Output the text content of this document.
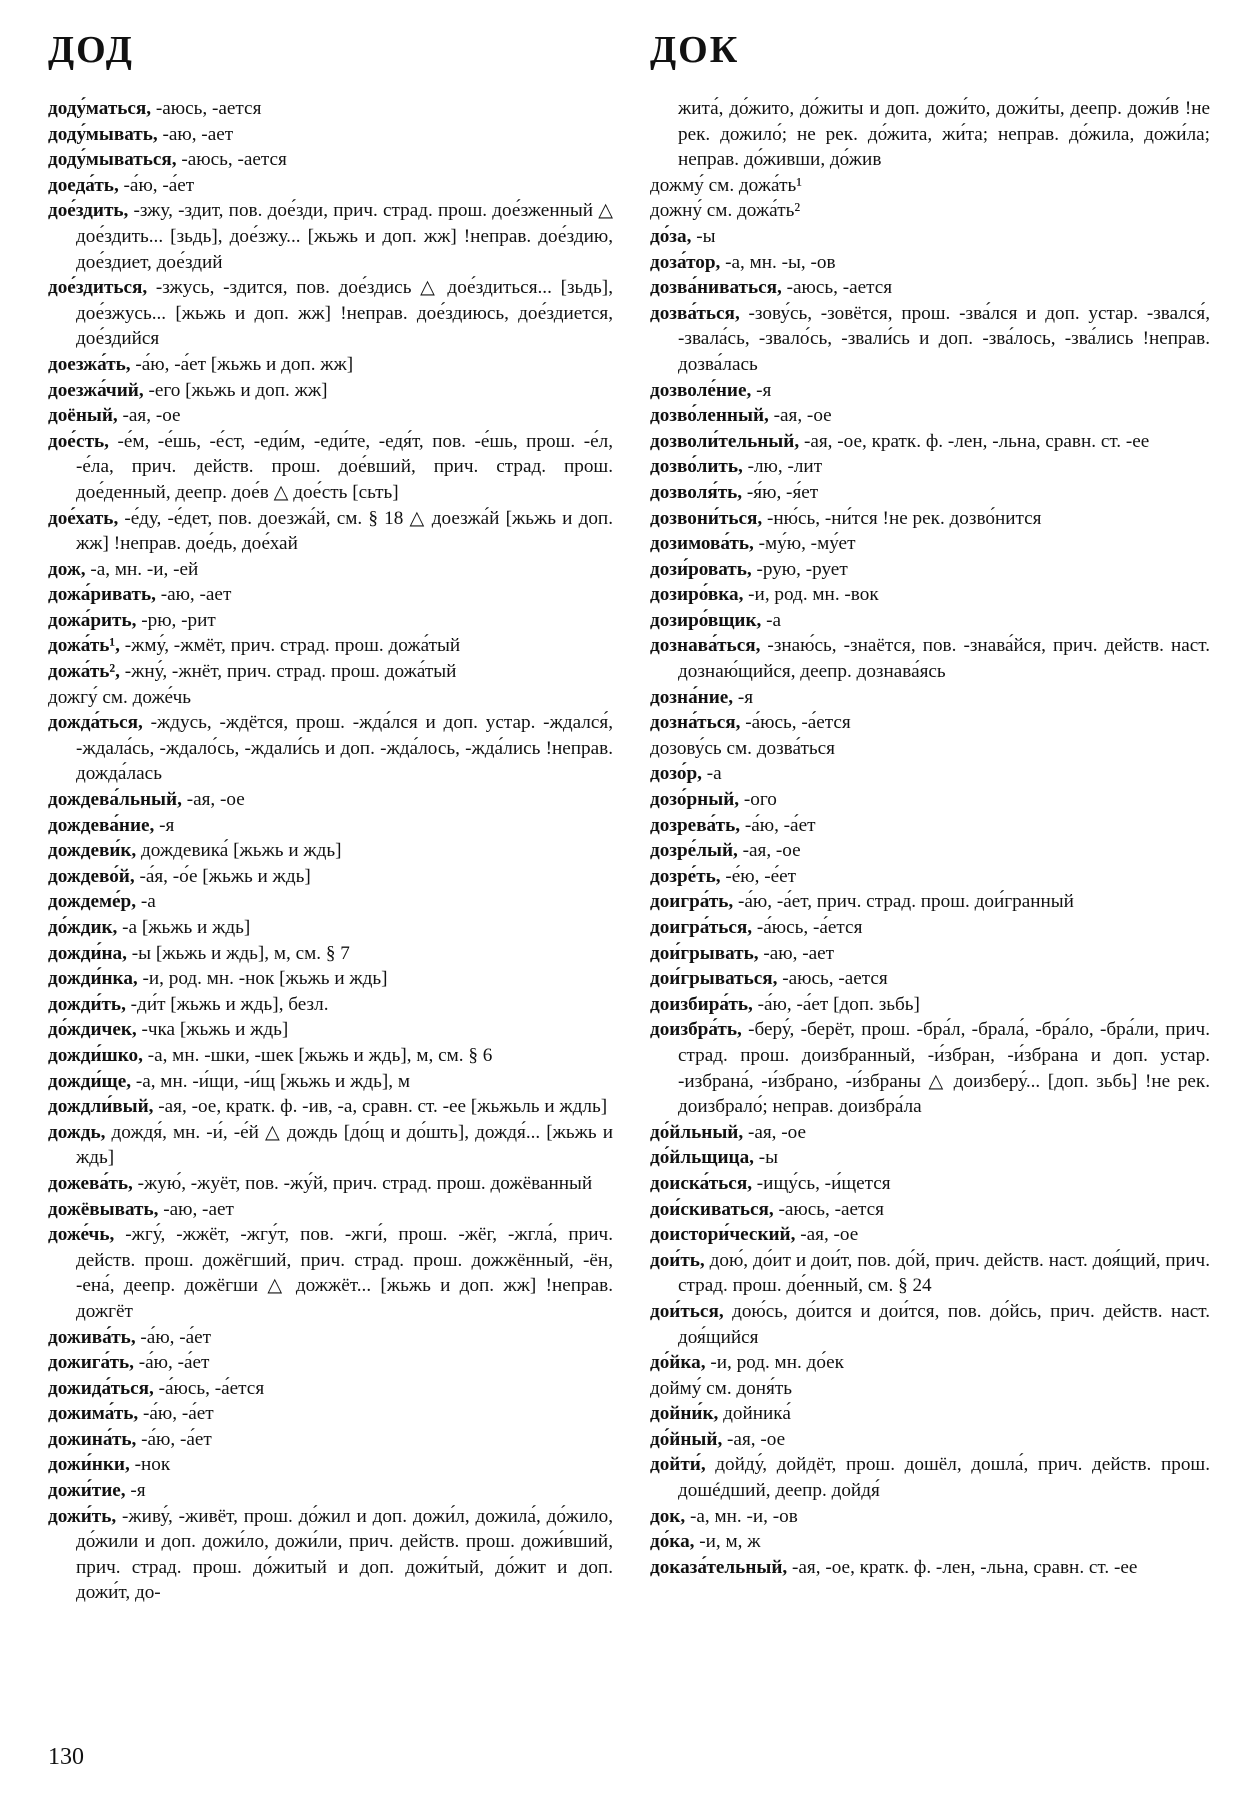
ДОД	ДОК

доду́маться, -аюсь, -ается

доду́мывать, -аю, -ает

доду́мываться, -аюсь, -ается

доеда́ть, -а́ю, -а́ет

дое́здить, -зжу, -здит, пов. дое́зди, прич. страд. прош. дое́зженный △ дое́здить... [зьдь], дое́зжу... [жьжь и доп. жж] !неправ. дое́здию, дое́здиет, дое́здий

дое́здиться, -зжусь, -здится, пов. дое́здись △ дое́здиться... [зьдь], дое́зжусь... [жьжь и доп. жж] !неправ. дое́здиюсь, дое́здиется, дое́здийся

доезжа́ть, -а́ю, -а́ет [жьжь и доп. жж]

доезжа́чий, -его [жьжь и доп. жж]

доёный, -ая, -ое

дое́сть, -е́м, -е́шь, -е́ст, -еди́м, -еди́те, -едя́т, пов. -е́шь, прош. -е́л, -е́ла, прич. действ. прош. дое́вший, прич. страд. прош. дое́денный, деепр. дое́в △ дое́сть [сьть]

дое́хать, -е́ду, -е́дет, пов. доезжа́й, см. § 18 △ доезжа́й [жьжь и доп. жж] !неправ. дое́дь, дое́хай

дож, -а, мн. -и, -ей

дожа́ривать, -аю, -ает

дожа́рить, -рю, -рит

дожа́ть¹, -жму́, -жмёт, прич. страд. прош. дожа́тый

дожа́ть², -жну́, -жнёт, прич. страд. прош. дожа́тый

дожгу́ см. доже́чь

дожда́ться, -ждусь, -ждётся, прош. -жда́лся и доп. устар. -ждался́, -ждала́сь, -ждало́сь, -ждали́сь и доп. -жда́лось, -жда́лись !неправ. дожда́лась

дождева́льный, -ая, -ое

дождева́ние, -я

дождеви́к, дождевика́ [жьжь и ждь]

дождево́й, -а́я, -о́е [жьжь и ждь]

дождеме́р, -а

до́ждик, -а [жьжь и ждь]

дожди́на, -ы [жьжь и ждь], м, см. § 7

дожди́нка, -и, род. мн. -нок [жьжь и ждь]

дожди́ть, -ди́т [жьжь и ждь], безл.

до́ждичек, -чка [жьжь и ждь]

дожди́шко, -а, мн. -шки, -шек [жьжь и ждь], м, см. § 6

дожди́ще, -а, мн. -и́щи, -и́щ [жьжь и ждь], м

дождли́вый, -ая, -ое, кратк. ф. -ив, -а, сравн. ст. -ее [жьжьль и ждль]

дождь, дождя́, мн. -и́, -е́й △ дождь [до́щ и до́шть], дождя́... [жьжь и ждь]

дожева́ть, -жую́, -жуёт, пов. -жу́й, прич. страд. прош. дожёванный

дожёвывать, -аю, -ает

доже́чь, -жгу́, -жжёт, -жгу́т, пов. -жги́, прош. -жёг, -жгла́, прич. действ. прош. дожёгший, прич. страд. прош. дожжённый, -ён, -ена́, деепр. дожёгши △ дожжёт... [жьжь и доп. жж] !неправ. дожгёт

дожива́ть, -а́ю, -а́ет

дожига́ть, -а́ю, -а́ет

дожида́ться, -а́юсь, -а́ется

дожима́ть, -а́ю, -а́ет

дожина́ть, -а́ю, -а́ет

дожи́нки, -нок

дожи́тие, -я

дожи́ть, -живу́, -живёт, прош. до́жил и доп. дожи́л, дожила́, до́жило, до́жили и доп. дожи́ло, дожи́ли, прич. действ. прош. дожи́вший, прич. страд. прош. до́житый и доп. дожи́тый, до́жит и доп. дожи́т, до-

жита́, до́жито, до́житы и доп. дожи́то, дожи́ты, деепр. дожи́в !не рек. дожило́; не рек. до́жита, жи́та; неправ. до́жила, дожи́ла; неправ. до́живши, до́жив

дожму́ см. дожа́ть¹

дожну́ см. дожа́ть²

до́за, -ы

доза́тор, -а, мн. -ы, -ов

дозва́ниваться, -аюсь, -ается

дозва́ться, -зову́сь, -зовётся, прош. -зва́лся и доп. устар. -звался́, -звала́сь, -звало́сь, -звали́сь и доп. -зва́лось, -зва́лись !неправ. дозва́лась

дозволе́ние, -я

дозво́ленный, -ая, -ое

дозволи́тельный, -ая, -ое, кратк. ф. -лен, -льна, сравн. ст. -ее

дозво́лить, -лю, -лит

дозволя́ть, -я́ю, -я́ет

дозвони́ться, -ню́сь, -ни́тся !не рек. дозво́нится

дозимова́ть, -му́ю, -му́ет

дози́ровать, -рую, -рует

дозиро́вка, -и, род. мн. -вок

дозиро́вщик, -а

дознава́ться, -знаю́сь, -знаётся, пов. -знава́йся, прич. действ. наст. дознаю́щийся, деепр. дознава́ясь

дозна́ние, -я

дозна́ться, -а́юсь, -а́ется

дозову́сь см. дозва́ться

дозо́р, -а

дозо́рный, -ого

дозрева́ть, -а́ю, -а́ет

дозре́лый, -ая, -ое

дозре́ть, -е́ю, -е́ет

доигра́ть, -а́ю, -а́ет, прич. страд. прош. дои́гранный

доигра́ться, -а́юсь, -а́ется

дои́грывать, -аю, -ает

дои́грываться, -аюсь, -ается

доизбира́ть, -а́ю, -а́ет [доп. зьбь]

доизбра́ть, -беру́, -берёт, прош. -бра́л, -брала́, -бра́ло, -бра́ли, прич. страд. прош. доизбранный, -и́збран, -и́збрана и доп. устар. -избрана́, -и́збрано, -и́збраны △ доизберу́... [доп. зьбь] !не рек. доизбрало́; неправ. доизбра́ла

до́йльный, -ая, -ое

до́йльщица, -ы

доиска́ться, -ищу́сь, -и́щется

дои́скиваться, -аюсь, -ается

доистори́ческий, -ая, -ое

дои́ть, дою́, до́ит и дои́т, пов. до́й, прич. действ. наст. доя́щий, прич. страд. прош. до́енный, см. § 24

дои́ться, дою́сь, до́ится и дои́тся, пов. до́йсь, прич. действ. наст. доя́щийся

до́йка, -и, род. мн. до́ек

дойму́ см. доня́ть

дойни́к, дойника́

до́йный, -ая, -ое

дойти́, дойду́, дойдёт, прош. дошёл, дошла́, прич. действ. прош. дошéдший, деепр. дойдя́

док, -а, мн. -и, -ов

до́ка, -и, м, ж

доказа́тельный, -ая, -ое, кратк. ф. -лен, -льна, сравн. ст. -ее

130
